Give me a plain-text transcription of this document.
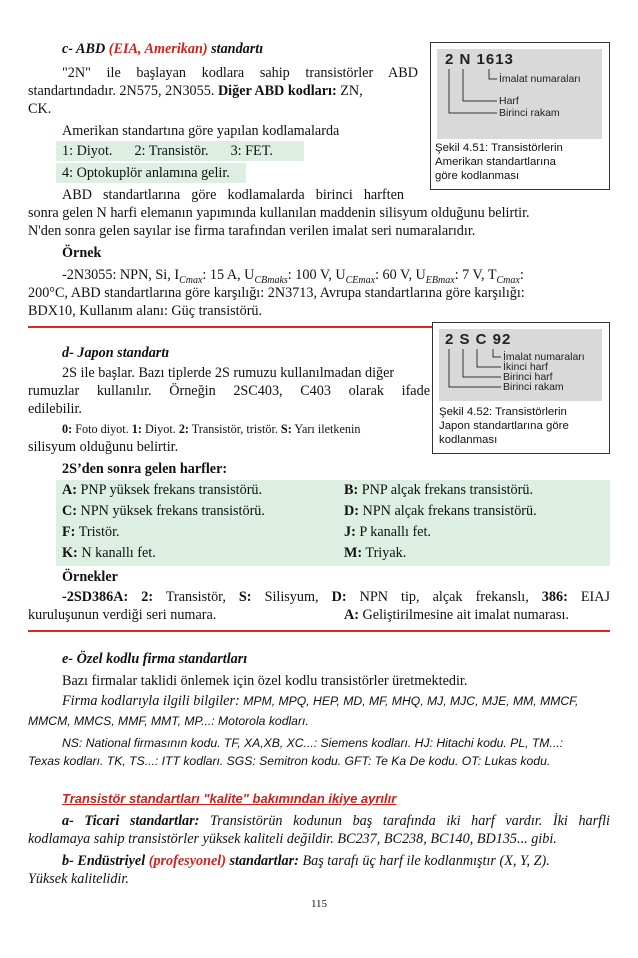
c- ABD (EIA, Amerikan) standartı
"2N" ile başlayan kodlara sahip transistörler ABD
standartındadır. 2N575, 2N3055. Diğer ABD kodları: ZN,
CK.
Amerikan standartına göre yapılan kodlamalarda
1: Diyot. 2: Transistör. 3: FET.
4: Optokuplör anlamına gelir.
ABD standartlarına göre kodlamalarda birinci harften
sonra gelen N harfi elemanın yapımında kullanılan maddenin silisyum olduğunu belirtir.
N'den sonra gelen sayılar ise firma tarafından verilen imalat seri numaralarıdır.
Örnek
-2N3055: NPN, Si, $I_{Cmax}$: 15 A, $U_{CBmaks}$: 100 V, $U_{CEmax}$: 60 V, $U_{EBmax}$: 7 V, $T_{Cmax}$:
200°C, ABD standartlarına göre karşılığı: 2N3713, Avrupa standartlarına göre karşılığı:
BDX10, Kullanım alanı: Güç transistörü.
2 N 1613
İmalat numaraları
Harf
Birinci rakam
Şekil 4.51: Transistörlerin
Amerikan standartlarına
göre kodlanması
d- Japon standartı
2S ile başlar. Bazı tiplerde 2S rumuzu kullanılmadan diğer
rumuzlar kullanılır. Örneğin 2SC403, C403 olarak ifade
edilebilir.
0: Foto diyot. 1: Diyot. 2: Transistör, tristör. S: Yarı iletkenin
silisyum olduğunu belirtir.
2S’den sonra gelen harfler:
A: PNP yüksek frekans transistörü.	B: PNP alçak frekans transistörü.
C: NPN yüksek frekans transistörü.	D: NPN alçak frekans transistörü.
F: Tristör.	J: P kanallı fet.
K: N kanallı fet.	M: Triyak.
Örnekler
-2SD386A: 2: Transistör, S: Silisyum, D: NPN tip, alçak frekanslı, 386: EIAJ
kuruluşunun verdiği seri numara.	A: Geliştirilmesine ait imalat numarası.
2 S C 92
İmalat numaraları
İkinci harf
Birinci harf
Birinci rakam
Şekil 4.52: Transistörlerin
Japon standartlarına göre
kodlanması
e- Özel kodlu firma standartları
Bazı firmalar taklidi önlemek için özel kodlu transistörler üretmektedir.
Firma kodlarıyla ilgili bilgiler: MPM, MPQ, HEP, MD, MF, MHQ, MJ, MJC, MJE, MM, MMCF,
MMCM, MMCS, MMF, MMT, MP...: Motorola kodları.
NS: National firmasının kodu. TF, XA,XB, XC...: Siemens kodları. HJ: Hitachi kodu. PL, TM...:
Texas kodları. TK, TS...: ITT kodları. SGS: Semitron kodu. GFT: Te Ka De kodu. OT: Lukas kodu.
Transistör standartları "kalite" bakımından ikiye ayrılır
a- Ticari standartlar: Transistörün kodunun baş tarafında iki harf vardır. İki harfli
kodlamaya sahip transistörler yüksek kaliteli değildir. BC237, BC238, BC140, BD135... gibi.
b- Endüstriyel (profesyonel) standartlar: Baş tarafı üç harf ile kodlanmıştır (X, Y, Z).
Yüksek kalitelidir.
115
